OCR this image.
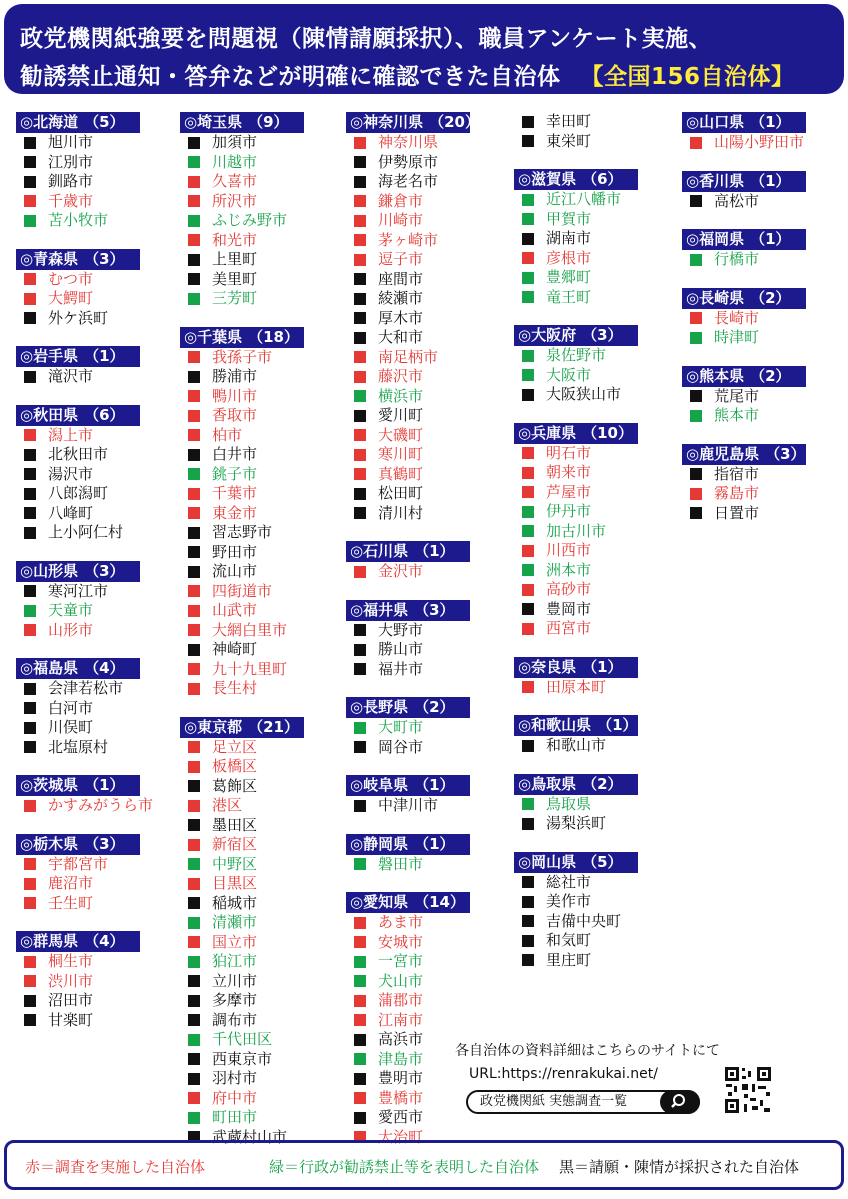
政党機関紙強要を問題視（陳情請願採択）、職員アンケート実施、
勧誘禁止通知・答弁などが明確に確認できた自治体 【全国156自治体】
◎北海道 （5）
旭川市
江別市
釧路市
千歳市
苫小牧市
◎青森県 （3）
むつ市
大鰐町
外ケ浜町
◎岩手県 （1）
滝沢市
◎秋田県 （6）
潟上市
北秋田市
湯沢市
八郎潟町
八峰町
上小阿仁村
◎山形県 （3）
寒河江市
天童市
山形市
◎福島県 （4）
会津若松市
白河市
川俣町
北塩原村
◎茨城県 （1）
かすみがうら市
◎栃木県 （3）
宇都宮市
鹿沼市
壬生町
◎群馬県 （4）
桐生市
渋川市
沼田市
甘楽町
◎埼玉県 （9）
加須市
川越市
久喜市
所沢市
ふじみ野市
和光市
上里町
美里町
三芳町
◎千葉県 （18）
我孫子市
勝浦市
鴨川市
香取市
柏市
白井市
銚子市
千葉市
東金市
習志野市
野田市
流山市
四街道市
山武市
大網白里市
神崎町
九十九里町
長生村
◎東京都 （21）
足立区
板橋区
葛飾区
港区
墨田区
新宿区
中野区
目黒区
稲城市
清瀬市
国立市
狛江市
立川市
多摩市
調布市
千代田区
西東京市
羽村市
府中市
町田市
武蔵村山市
◎神奈川県 （20）
神奈川県
伊勢原市
海老名市
鎌倉市
川崎市
茅ヶ崎市
逗子市
座間市
綾瀬市
厚木市
大和市
南足柄市
藤沢市
横浜市
愛川町
大磯町
寒川町
真鶴町
松田町
清川村
◎石川県 （1）
金沢市
◎福井県 （3）
大野市
勝山市
福井市
◎長野県 （2）
大町市
岡谷市
◎岐阜県 （1）
中津川市
◎静岡県 （1）
磐田市
◎愛知県 （14）
あま市
安城市
一宮市
犬山市
蒲郡市
江南市
高浜市
津島市
豊明市
豊橋市
愛西市
大治町
幸田町
東栄町
◎滋賀県 （6）
近江八幡市
甲賀市
湖南市
彦根市
豊郷町
竜王町
◎大阪府 （3）
泉佐野市
大阪市
大阪狭山市
◎兵庫県 （10）
明石市
朝来市
芦屋市
伊丹市
加古川市
川西市
洲本市
高砂市
豊岡市
西宮市
◎奈良県 （1）
田原本町
◎和歌山県 （1）
和歌山市
◎鳥取県 （2）
鳥取県
湯梨浜町
◎岡山県 （5）
総社市
美作市
吉備中央町
和気町
里庄町
◎山口県 （1）
山陽小野田市
◎香川県 （1）
高松市
◎福岡県 （1）
行橋市
◎長崎県 （2）
長崎市
時津町
◎熊本県 （2）
荒尾市
熊本市
◎鹿児島県 （3）
指宿市
霧島市
日置市
各自治体の資料詳細はこちらのサイトにて
URL:https://renrakukai.net/
政党機関紙 実態調査一覧
赤＝調査を実施した自治体	緑＝行政が勧誘禁止等を表明した自治体 黒＝請願・陳情が採択された自治体
